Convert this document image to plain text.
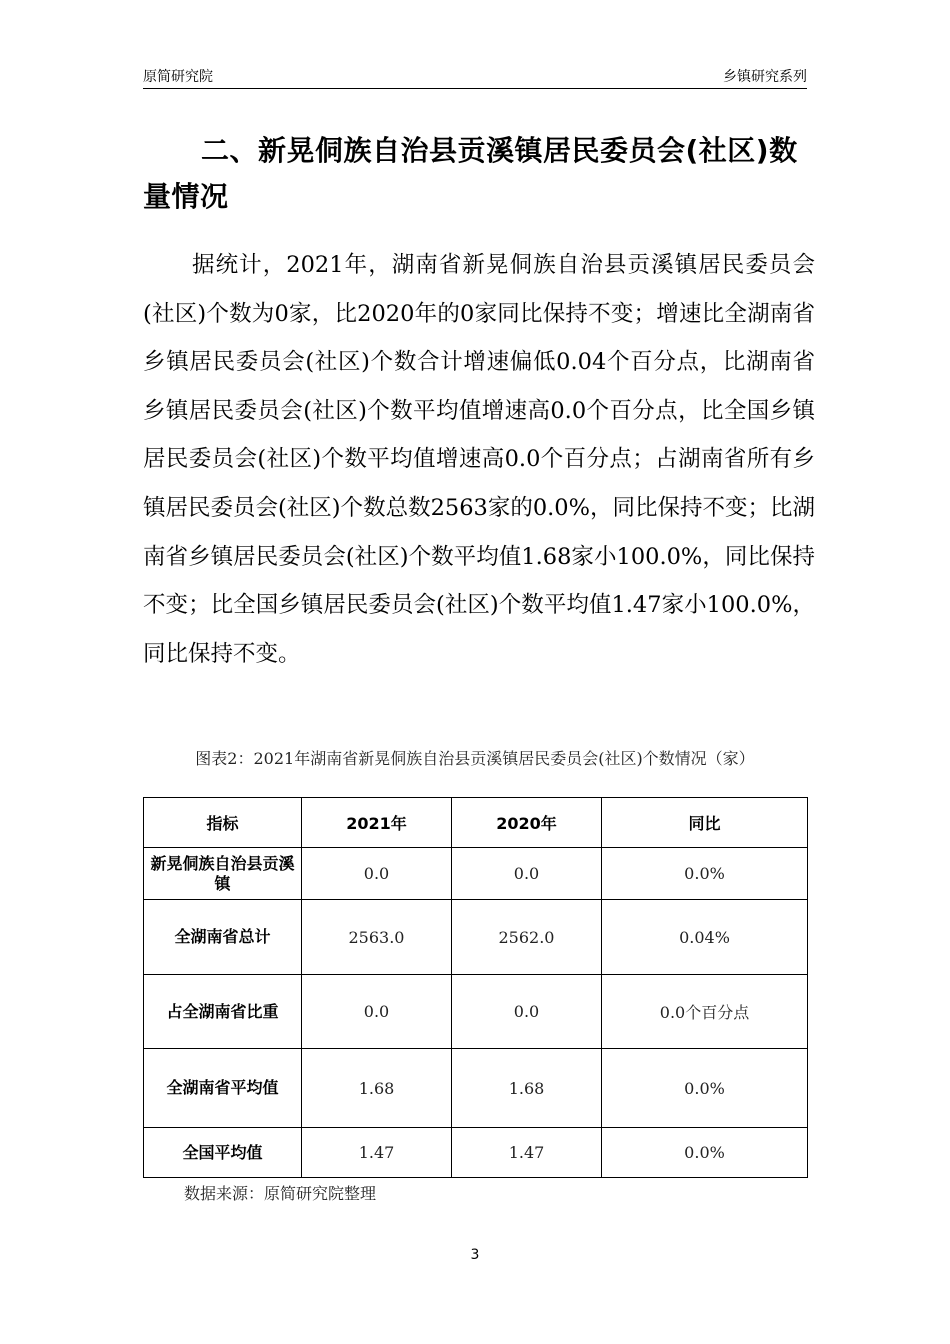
原简研究院	乡镇研究系列
二、新晃侗族自治县贡溪镇居民委员会(社区)数量情况

据统计，2021年，湖南省新晃侗族自治县贡溪镇居民委员会(社区)个数为0家，比2020年的0家同比保持不变；增速比全湖南省乡镇居民委员会(社区)个数合计增速偏低0.04个百分点，比湖南省乡镇居民委员会(社区)个数平均值增速高0.0个百分点，比全国乡镇居民委员会(社区)个数平均值增速高0.0个百分点；占湖南省所有乡镇居民委员会(社区)个数总数2563家的0.0%，同比保持不变；比湖南省乡镇居民委员会(社区)个数平均值1.68家小100.0%，同比保持不变；比全国乡镇居民委员会(社区)个数平均值1.47家小100.0%，同比保持不变。

图表2：2021年湖南省新晃侗族自治县贡溪镇居民委员会(社区)个数情况（家）
指标	2021年	2020年	同比
新晃侗族自治县贡溪镇	0.0	0.0	0.0%
全湖南省总计	2563.0	2562.0	0.04%
占全湖南省比重	0.0	0.0	0.0个百分点
全湖南省平均值	1.68	1.68	0.0%
全国平均值	1.47	1.47	0.0%
数据来源：原简研究院整理
3
